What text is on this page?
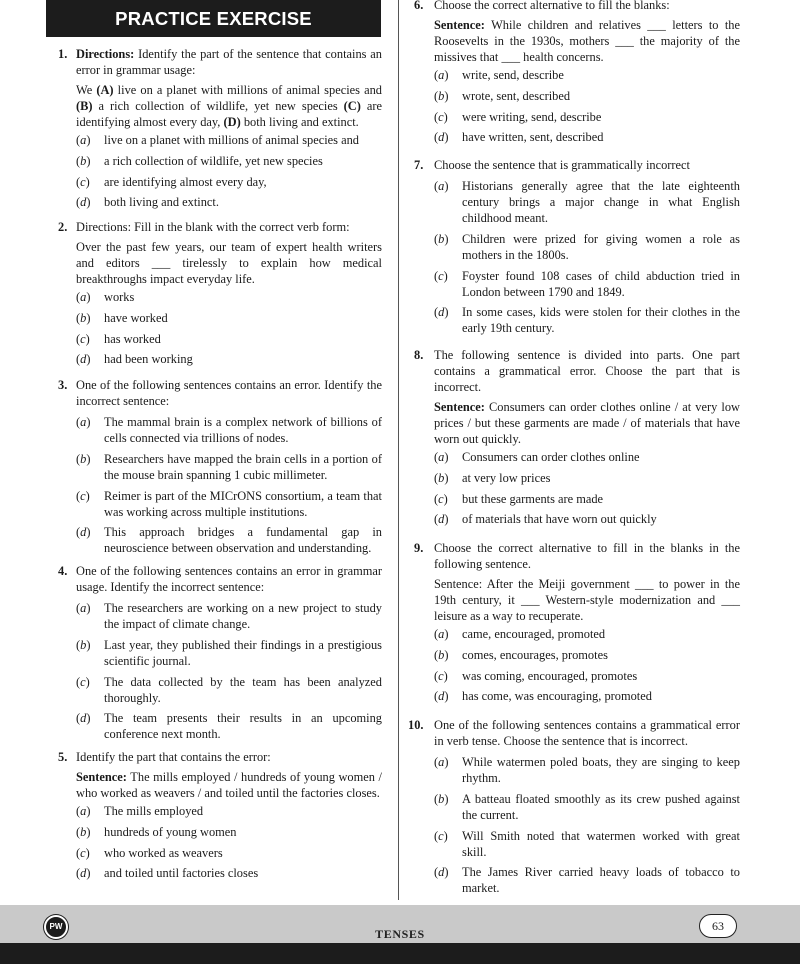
PRACTICE EXERCISE
1. Directions: Identify the part of the sentence that contains an error in grammar usage:
We (A) live on a planet with millions of animal species and (B) a rich collection of wildlife, yet new species (C) are identifying almost every day, (D) both living and extinct.
(a)	live on a planet with millions of animal species and
(b)	a rich collection of wildlife, yet new species
(c)	are identifying almost every day,
(d)	both living and extinct.
2. Directions: Fill in the blank with the correct verb form:
Over the past few years, our team of expert health writers and editors ___ tirelessly to explain how medical breakthroughs impact everyday life.
(a)	works
(b)	have worked
(c)	has worked
(d)	had been working
3. One of the following sentences contains an error. Identify the incorrect sentence:
(a)	The mammal brain is a complex network of billions of cells connected via trillions of nodes.
(b)	Researchers have mapped the brain cells in a portion of the mouse brain spanning 1 cubic millimeter.
(c)	Reimer is part of the MICrONS consortium, a team that was working across multiple institutions.
(d)	This approach bridges a fundamental gap in neuroscience between observation and understanding.
4. One of the following sentences contains an error in grammar usage. Identify the incorrect sentence:
(a)	The researchers are working on a new project to study the impact of climate change.
(b)	Last year, they published their findings in a prestigious scientific journal.
(c)	The data collected by the team has been analyzed thoroughly.
(d)	The team presents their results in an upcoming conference next month.
5. Identify the part that contains the error:
Sentence: The mills employed / hundreds of young women / who worked as weavers / and toiled until the factories closes.
(a)	The mills employed
(b)	hundreds of young women
(c)	who worked as weavers
(d)	and toiled until factories closes
6. Choose the correct alternative to fill the blanks:
Sentence: While children and relatives ___ letters to the Roosevelts in the 1930s, mothers ___ the majority of the missives that ___ health concerns.
(a)	write, send, describe
(b)	wrote, sent, described
(c)	were writing, send, describe
(d)	have written, sent, described
7. Choose the sentence that is grammatically incorrect
(a)	Historians generally agree that the late eighteenth century brings a major change in what English childhood meant.
(b)	Children were prized for giving women a role as mothers in the 1800s.
(c)	Foyster found 108 cases of child abduction tried in London between 1790 and 1849.
(d)	In some cases, kids were stolen for their clothes in the early 19th century.
8. The following sentence is divided into parts. One part contains a grammatical error. Choose the part that is incorrect.
Sentence: Consumers can order clothes online / at very low prices / but these garments are made / of materials that have worn out quickly.
(a)	Consumers can order clothes online
(b)	at very low prices
(c)	but these garments are made
(d)	of materials that have worn out quickly
9. Choose the correct alternative to fill in the blanks in the following sentence.
Sentence: After the Meiji government ___ to power in the 19th century, it ___ Western-style modernization and ___ leisure as a way to recuperate.
(a)	came, encouraged, promoted
(b)	comes, encourages, promotes
(c)	was coming, encouraged, promotes
(d)	has come, was encouraging, promoted
10. One of the following sentences contains a grammatical error in verb tense. Choose the sentence that is incorrect.
(a)	While watermen poled boats, they are singing to keep rhythm.
(b)	A batteau floated smoothly as its crew pushed against the current.
(c)	Will Smith noted that watermen worked with great skill.
(d)	The James River carried heavy loads of tobacco to market.
PW
TENSES
63
